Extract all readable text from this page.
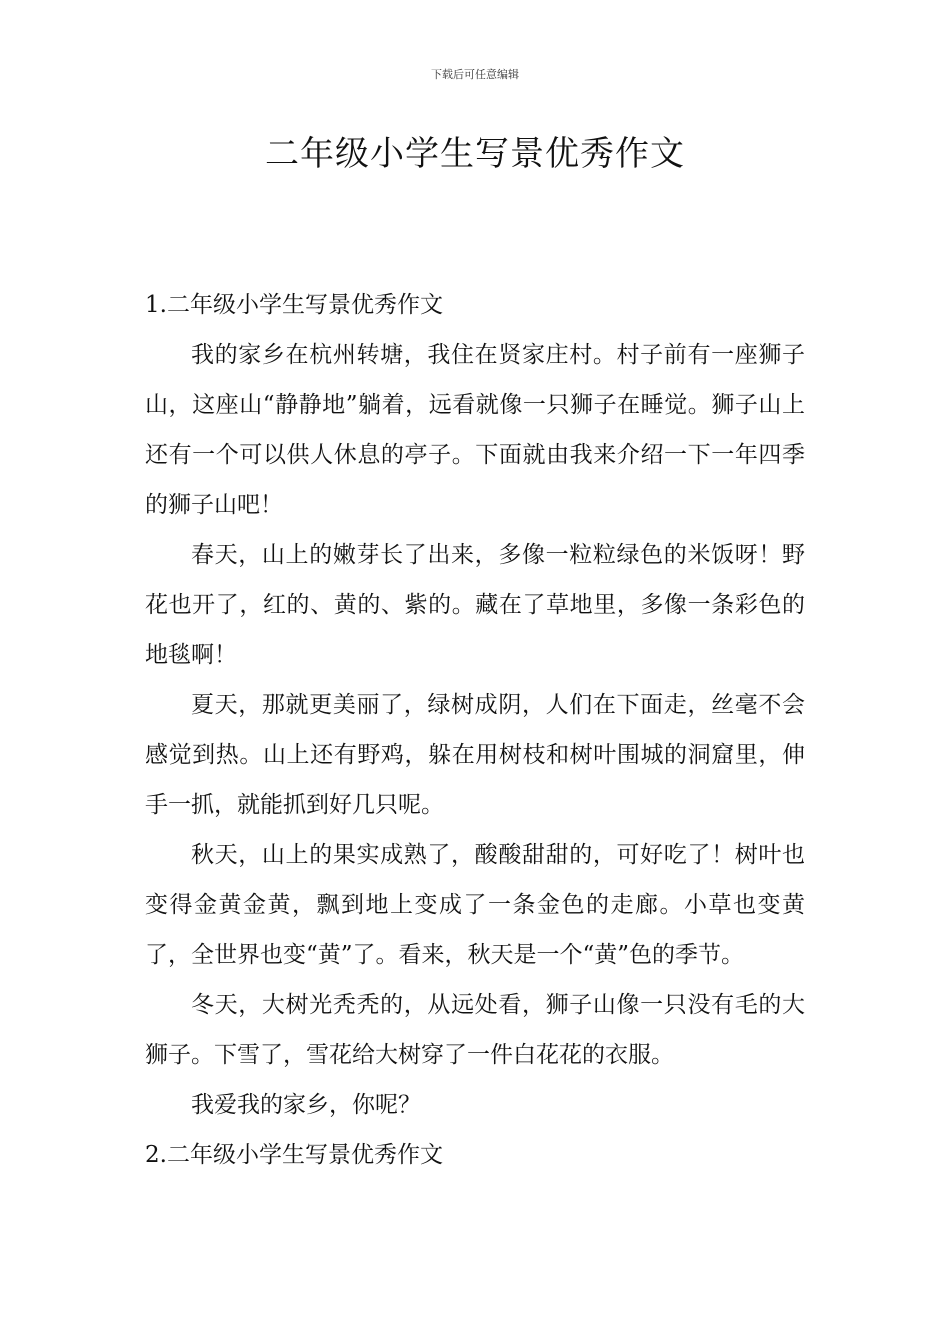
下载后可任意编辑
二年级小学生写景优秀作文

1.二年级小学生写景优秀作文

我的家乡在杭州转塘，我住在贤家庄村。村子前有一座狮子山，这座山“静静地”躺着，远看就像一只狮子在睡觉。狮子山上还有一个可以供人休息的亭子。下面就由我来介绍一下一年四季的狮子山吧！

春天，山上的嫩芽长了出来，多像一粒粒绿色的米饭呀！野花也开了，红的、黄的、紫的。藏在了草地里，多像一条彩色的地毯啊！

夏天，那就更美丽了，绿树成阴，人们在下面走，丝毫不会感觉到热。山上还有野鸡，躲在用树枝和树叶围城的洞窟里，伸手一抓，就能抓到好几只呢。

秋天，山上的果实成熟了，酸酸甜甜的，可好吃了！树叶也变得金黄金黄，飘到地上变成了一条金色的走廊。小草也变黄了，全世界也变“黄”了。看来，秋天是一个“黄”色的季节。

冬天，大树光秃秃的，从远处看，狮子山像一只没有毛的大狮子。下雪了，雪花给大树穿了一件白花花的衣服。

我爱我的家乡，你呢？

2.二年级小学生写景优秀作文
